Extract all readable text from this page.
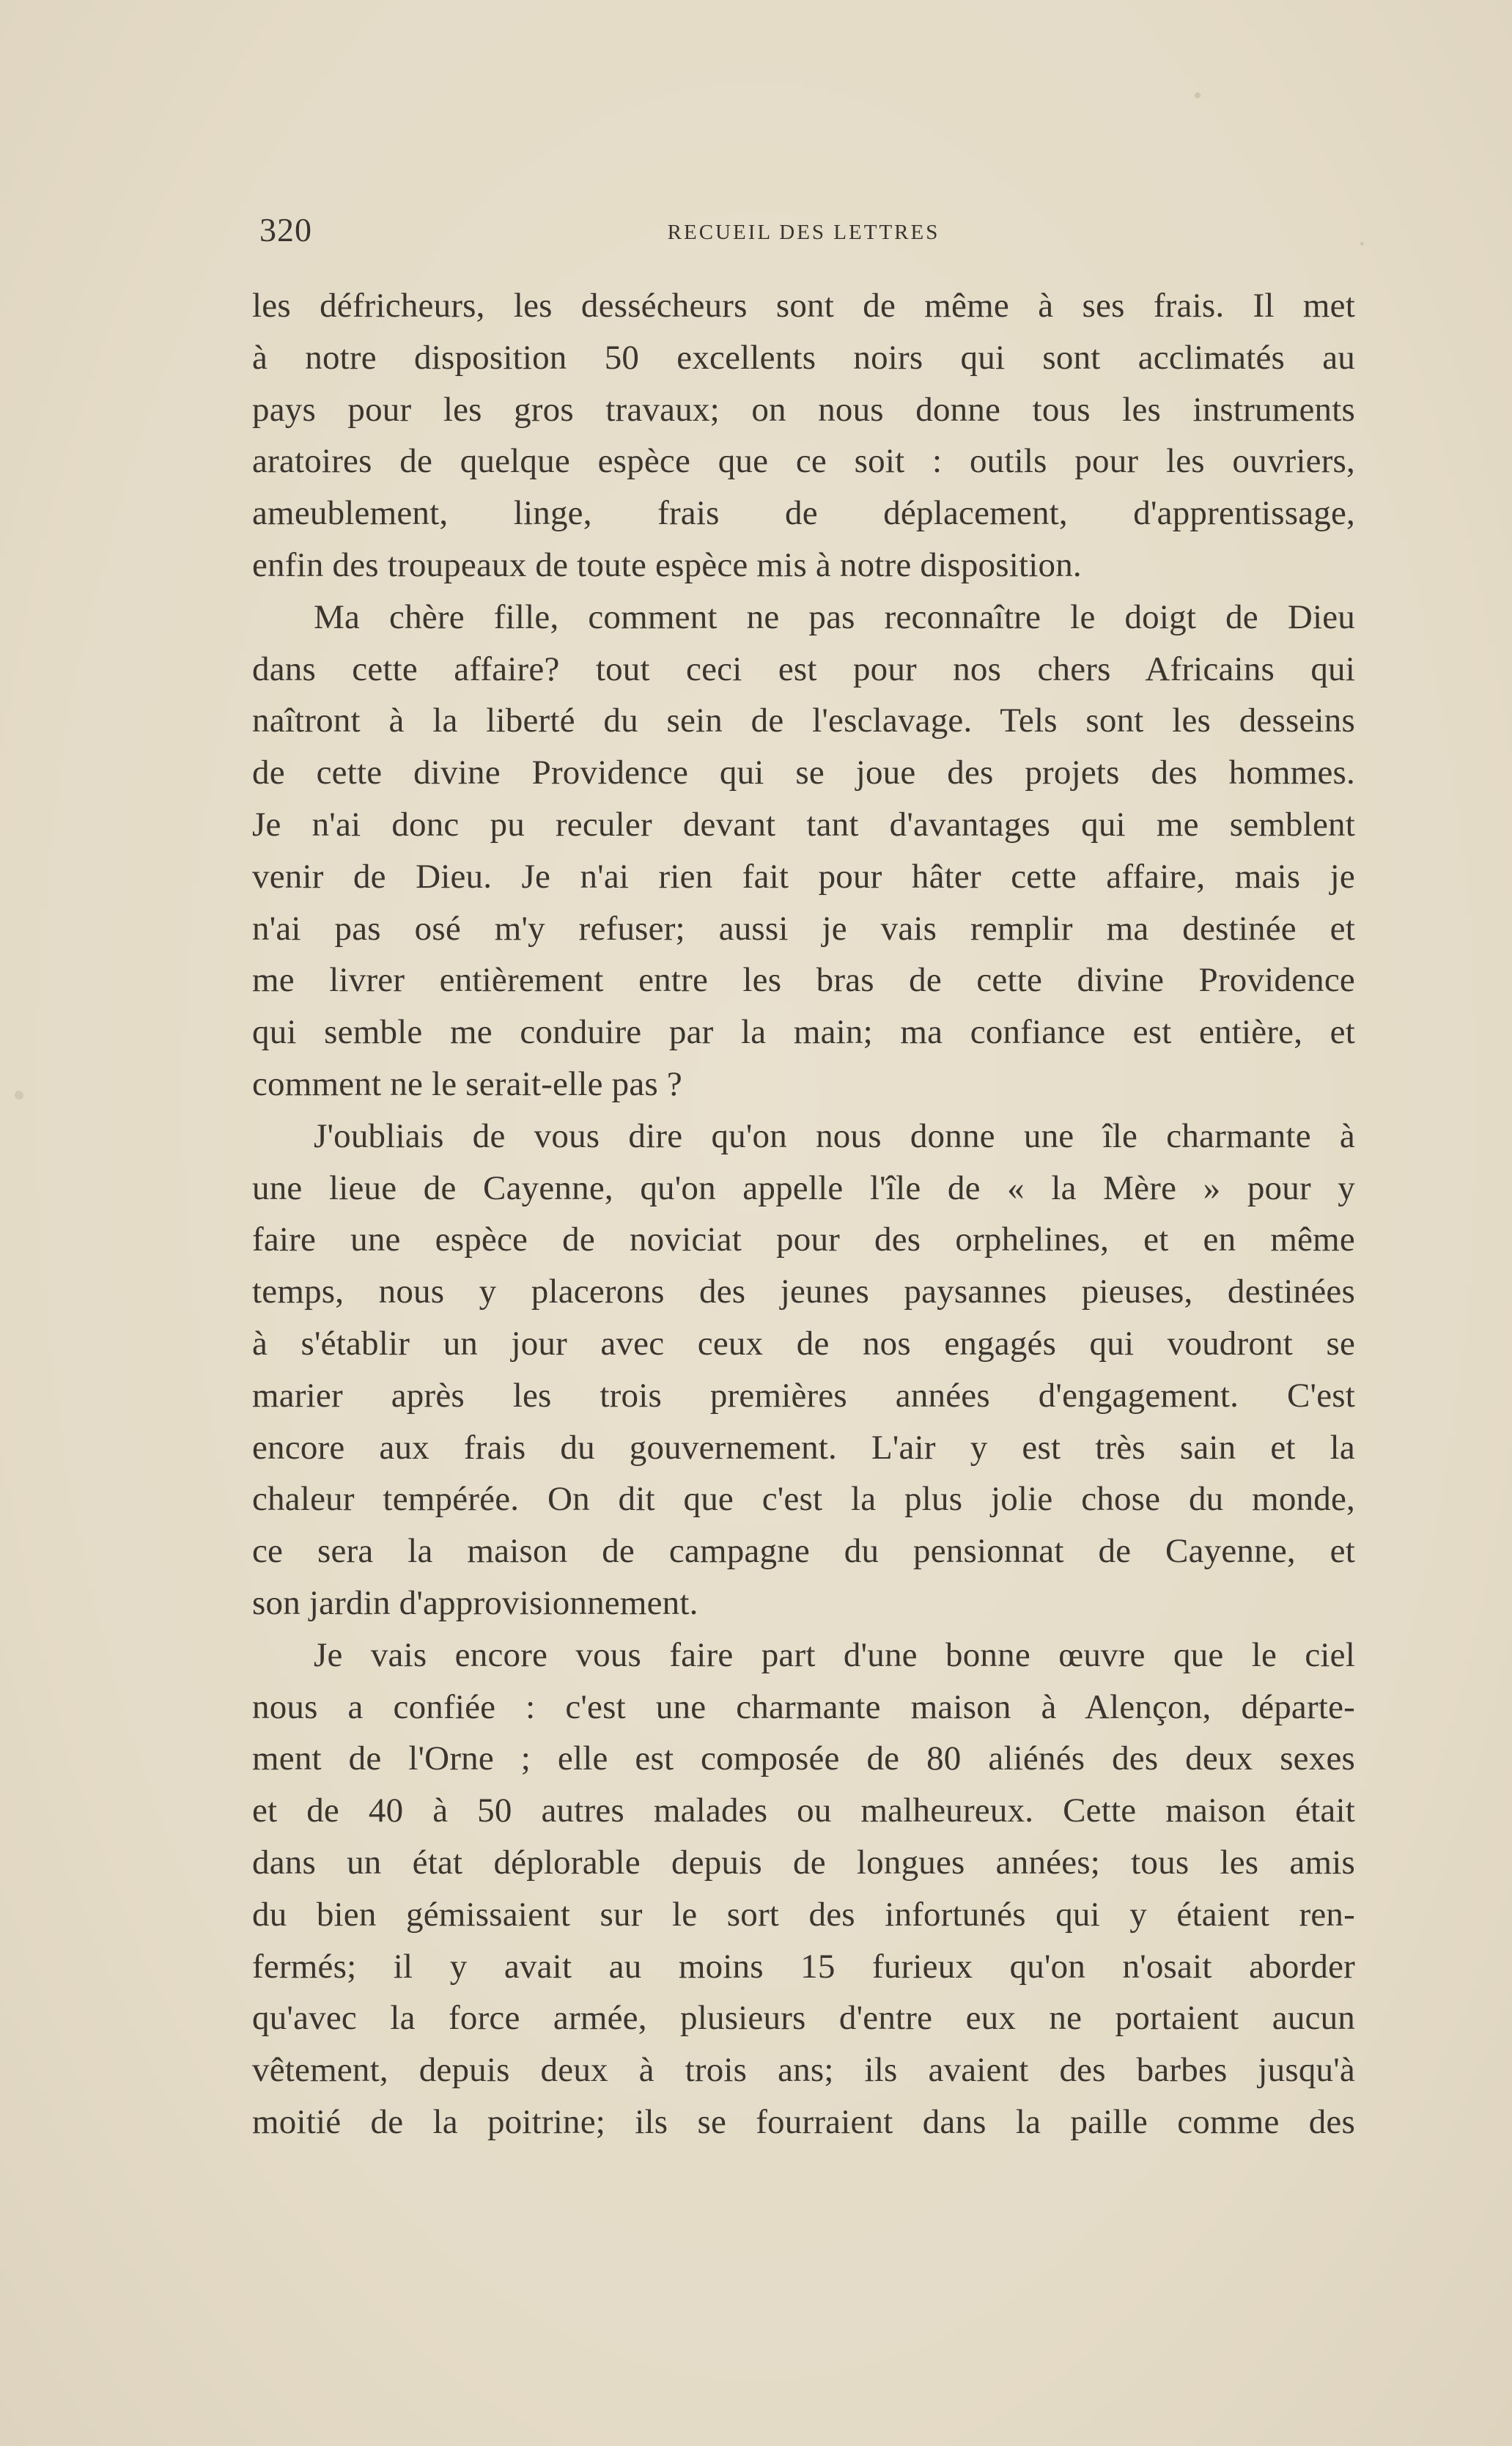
320	RECUEIL DES LETTRES
les défricheurs, les dessécheurs sont de même à ses frais. Il met
à notre disposition 50 excellents noirs qui sont acclimatés au
pays pour les gros travaux; on nous donne tous les instruments
aratoires de quelque espèce que ce soit : outils pour les ouvriers,
ameublement, linge, frais de déplacement, d'apprentissage,
enfin des troupeaux de toute espèce mis à notre disposition.
Ma chère fille, comment ne pas reconnaître le doigt de Dieu
dans cette affaire? tout ceci est pour nos chers Africains qui
naîtront à la liberté du sein de l'esclavage. Tels sont les desseins
de cette divine Providence qui se joue des projets des hommes.
Je n'ai donc pu reculer devant tant d'avantages qui me semblent
venir de Dieu. Je n'ai rien fait pour hâter cette affaire, mais je
n'ai pas osé m'y refuser; aussi je vais remplir ma destinée et
me livrer entièrement entre les bras de cette divine Providence
qui semble me conduire par la main; ma confiance est entière, et
comment ne le serait-elle pas ?
J'oubliais de vous dire qu'on nous donne une île charmante à
une lieue de Cayenne, qu'on appelle l'île de « la Mère » pour y
faire une espèce de noviciat pour des orphelines, et en même
temps, nous y placerons des jeunes paysannes pieuses, destinées
à s'établir un jour avec ceux de nos engagés qui voudront se
marier après les trois premières années d'engagement. C'est
encore aux frais du gouvernement. L'air y est très sain et la
chaleur tempérée. On dit que c'est la plus jolie chose du monde,
ce sera la maison de campagne du pensionnat de Cayenne, et
son jardin d'approvisionnement.
Je vais encore vous faire part d'une bonne œuvre que le ciel
nous a confiée : c'est une charmante maison à Alençon, départe-
ment de l'Orne ; elle est composée de 80 aliénés des deux sexes
et de 40 à 50 autres malades ou malheureux. Cette maison était
dans un état déplorable depuis de longues années; tous les amis
du bien gémissaient sur le sort des infortunés qui y étaient ren-
fermés; il y avait au moins 15 furieux qu'on n'osait aborder
qu'avec la force armée, plusieurs d'entre eux ne portaient aucun
vêtement, depuis deux à trois ans; ils avaient des barbes jusqu'à
moitié de la poitrine; ils se fourraient dans la paille comme des
